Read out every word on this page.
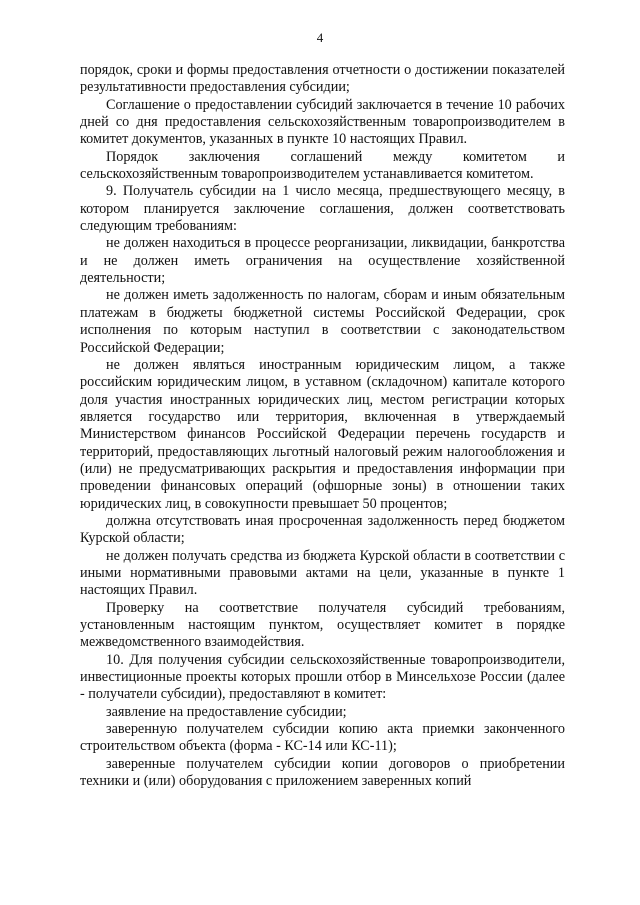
4

порядок, сроки и формы предоставления отчетности о достижении показателей результативности предоставления субсидии;

Соглашение о предоставлении субсидий заключается в течение 10 рабочих дней со дня предоставления сельскохозяйственным товаропроизводителем в комитет документов, указанных в пункте 10 настоящих Правил.

Порядок заключения соглашений между комитетом и сельскохозяйственным товаропроизводителем устанавливается комитетом.

9. Получатель субсидии на 1 число месяца, предшествующего месяцу, в котором планируется заключение соглашения, должен соответствовать следующим требованиям:

не должен находиться в процессе реорганизации, ликвидации, банкротства и не должен иметь ограничения на осуществление хозяйственной деятельности;

не должен иметь задолженность по налогам, сборам и иным обязательным платежам в бюджеты бюджетной системы Российской Федерации, срок исполнения по которым наступил в соответствии с законодательством Российской Федерации;

не должен являться иностранным юридическим лицом, а также российским юридическим лицом, в уставном (складочном) капитале которого доля участия иностранных юридических лиц, местом регистрации которых является государство или территория, включенная в утверждаемый Министерством финансов Российской Федерации перечень государств и территорий, предоставляющих льготный налоговый режим налогообложения и (или) не предусматривающих раскрытия и предоставления информации при проведении финансовых операций (офшорные зоны) в отношении таких юридических лиц, в совокупности превышает 50 процентов;

должна отсутствовать иная просроченная задолженность перед бюджетом Курской области;

не должен получать средства из бюджета Курской области в соответствии с иными нормативными правовыми актами на цели, указанные в пункте 1 настоящих Правил.

Проверку на соответствие получателя субсидий требованиям, установленным настоящим пунктом, осуществляет комитет в порядке межведомственного взаимодействия.

10. Для получения субсидии сельскохозяйственные товаропроизводители, инвестиционные проекты которых прошли отбор в Минсельхозе России (далее - получатели субсидии), предоставляют в комитет:

заявление на предоставление субсидии;

заверенную получателем субсидии копию акта приемки законченного строительством объекта (форма - КС-14 или КС-11);

заверенные получателем субсидии копии договоров о приобретении техники и (или) оборудования с приложением заверенных копий
